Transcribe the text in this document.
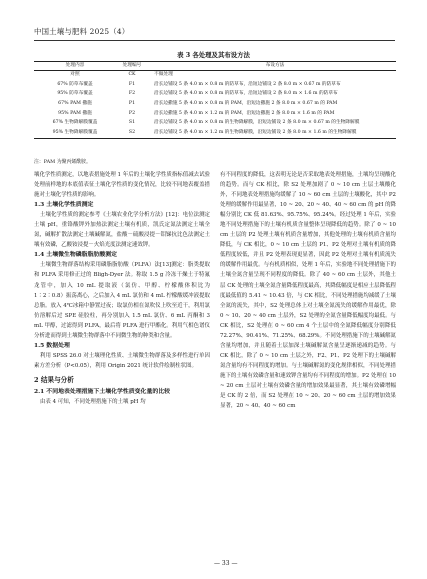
中国土壤与肥料 2025（4）
表 3 各处理及其布设方法
处理内容	处理编号	布设方法
对照	CK	不做处理
67% 防草布覆盖	F1	沿长边铺设 5 条 4.0 m × 0.8 m 的防草布，沿短边铺设 2 条 8.0 m × 0.67 m 的防草布
95% 防草布覆盖	F2	沿长边铺设 5 条 4.0 m × 0.8 m 的防草布，沿短边铺设 2 条 8.0 m × 1.6 m 的防草布
67% PAM 撒施	P1	沿长边撒施 5 条 4.0 m × 0.8 m 的 PAM，沿短边撒施 2 条 8.0 m × 0.67 m 的 PAM
95% PAM 撒施	P2	沿长边撒施 5 条 4.0 m × 1.2 m 的 PAM，沿短边撒施 2 条 8.0 m × 1.6 m 的 PAM
67% 生物降解膜覆盖	S1	沿长边铺设 5 条 4.0 m × 0.8 m 的生物降解膜，沿短边铺设 2 条 8.0 m × 0.67 m 的生物降解膜
95% 生物降解膜覆盖	S2	沿长边铺设 5 条 4.0 m × 1.2 m 的生物降解膜，沿短边铺设 2 条 8.0 m × 1.6 m 的生物降解膜
注：PAM 为聚丙烯酰胺。

壤化学性质测定，以地表措施处理 1 年后的土壤化学性质指标值减去试验处理前样地的本底值表征土壤化学性质的变化情况，比较不同地表覆盖措施对土壤化学性质的影响。

1.3 土壤化学性质测定

土壤化学性质的测定参考《土壤农业化学分析方法》[12]：电位法测定土壤 pH，重铬酸钾外加热法测定土壤有机质，凯氏定氮法测定土壤全氮，碱解扩散法测定土壤碱解氮，盐酸－硫酸浸提－钼锑抗比色法测定土壤有效磷，乙酸铵浸提－火焰光度法测定速效钾。

1.4 土壤微生物磷脂脂肪酸测定

土壤微生物群落结构采用磷脂脂肪酸（PLFA）法[13]测定：脂类提取和 PLFA 采用修正过的 Bligh-Dyer 法。称取 1.5 g 冷冻干燥土于特氟龙管中，加入 10 mL 提取液（氯仿、甲醇、柠檬酸体积比为 1∶2∶0.8）振荡离心，之后加入 4 mL 氯仿和 4 mL 柠檬酸缓冲液提取总脂。放入 4℃冰箱中静置过夜；取氯仿相在氮吹仪上吹至近干，利用氯仿溶解后过 SPE 硅胶柱，再分别加入 1.5 mL 氯仿、6 mL 丙酮和 3 mL 甲醇，过滤得到 PLFA，最后将 PLFA 进行甲酯化。利用气相色谱仪分析进而得到土壤微生物群落中不同微生物的种类和含量。

1.5 数据处理

利用 SPSS 26.0 对土壤理化性质、土壤微生物群落及多样性进行单因素方差分析（P<0.05），利用 Origin 2021 统计软件绘制柱状图。

2 结果与分析
2.1 不同地表处理措施下土壤化学性质变化量的比较

由表 4 可知，不同处理措施下的土壤 pH 均

有不同程度的降低，这表明无论是否采取地表处理措施，土壤均呈现酸化的趋势。而与 CK 相比，除 S2 处理加剧了 0 ~ 10 cm 土层土壤酸化外，不同地表处理措施均缓解了 10 ~ 60 cm 土层的土壤酸化，其中 P2 处理的缓解作用最显著，10 ~ 20、20 ~ 40、40 ~ 60 cm 的 pH 的降幅分别比 CK 低 81.63%、95.75%、95.24%。经过处理 1 年后，实验地不同处理措施下的土壤有机质含量整体呈现降低的趋势。除了 0 ~ 10 cm 土层的 P2 处理土壤有机质含量增加，其他处理的土壤有机质含量均降低，与 CK 相比，0 ~ 10 cm 土层的 P1、P2 处理对土壤有机质的降低程度较低，并且 P2 处理表现更显著，因此 P2 处理对土壤有机质流失的缓解作用最优。与有机质相似，处理 1 年后，实验地不同处理措施下的土壤全氮含量呈现不同程度的降低。除了 40 ~ 60 cm 土层外，其他土层 CK 处理的土壤全氮含量降低程度最高，其降低幅度是相应土层降低程度最低值的 5.41 ~ 10.43 倍，与 CK 相比，不同处理措施均减缓了土壤全氮的流失，其中，S2 处理总体上对土壤全氮流失的缓解作用最优，除 0 ~ 10、20 ~ 40 cm 土层外，S2 处理的全氮含量降低幅度均最低。与 CK 相比，S2 处理在 0 ~ 60 cm 4 个土层中的全氮降低幅度分别降低 72.27%、90.41%、71.25%、68.29%。不同处理措施下的土壤碱解氮含量均增加，并且随着土层加深土壤碱解氮含量呈逐渐递减的趋势。与 CK 相比，除了 0 ~ 10 cm 土层之外，F2、P1、P2 处理下的土壤碱解氮含量均有不同程度的增加。与土壤碱解氮的变化规律相似，不同处理措施下的土壤有效磷含量和速效钾含量均有不同程度的增加。P2 处理在 10 ~ 20 cm 土层对土壤有效磷含量的增加效果最显著，其土壤有效磷增幅是 CK 的 2 倍，而 S2 处理在 10 ~ 20、20 ~ 60 cm 土层的增加效果显著，20 ~ 40、40 ~ 60 cm

— 33 —
